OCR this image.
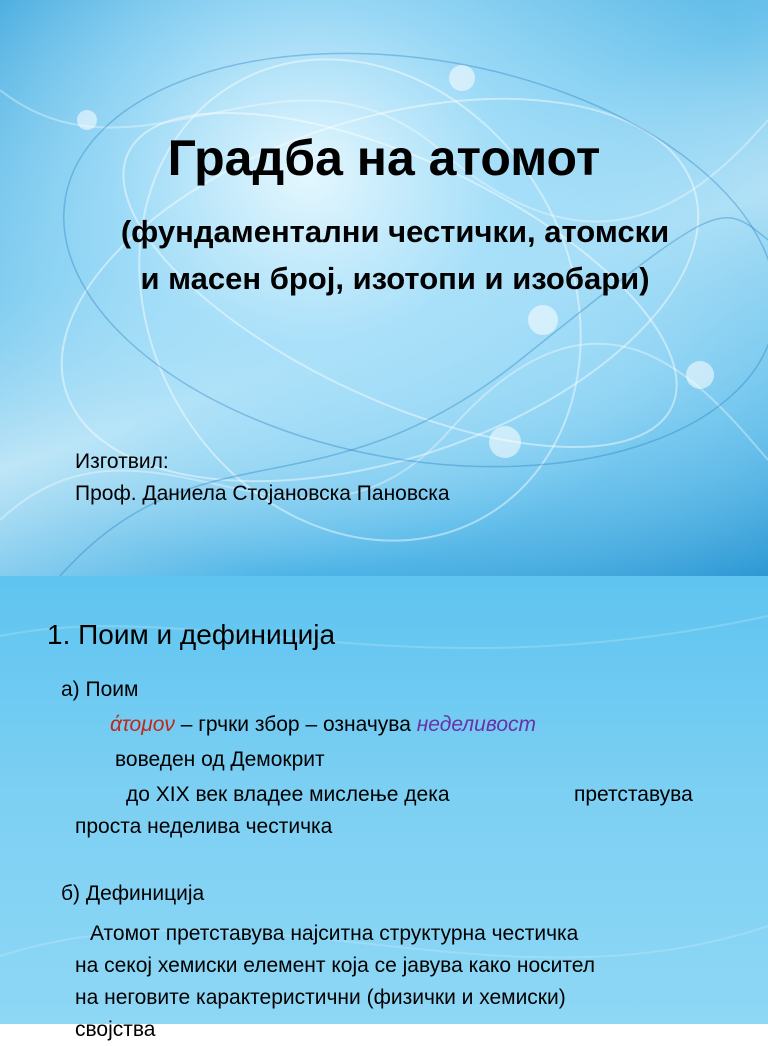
Градба на атомот
(фундаментални честички, атомски
и масен број, изотопи и изобари)
Изготвил:
Проф. Даниела Стојановска Пановска
1. Поим и дефиниција
а) Поим
άτομον – грчки збор – означува неделивост
воведен од Демокрит
до XIX век владее мислење дека	претставува
проста неделива честичка
б) Дефиниција
Атомот претставува најситна структурна честичка
на секој хемиски елемент која се јавува како носител
на неговите карактеристични (физички и хемиски)
својства
